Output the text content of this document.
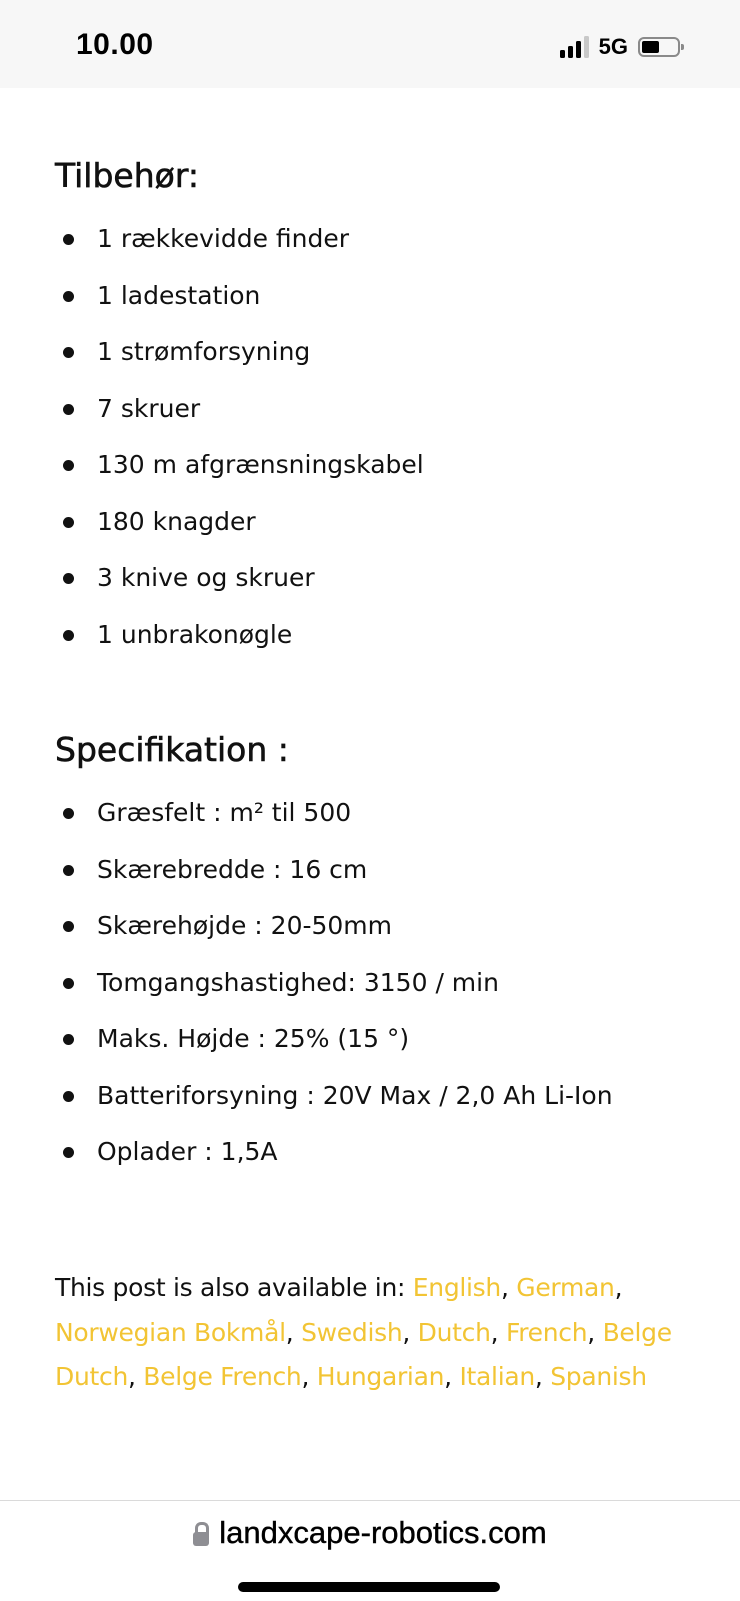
10.00	5G
Tilbehør:
1 rækkevidde finder
1 ladestation
1 strømforsyning
7 skruer
130 m afgrænsningskabel
180 knagder
3 knive og skruer
1 unbrakonøgle
Specifikation :
Græsfelt : m² til 500
Skærebredde : 16 cm
Skærehøjde : 20-50mm
Tomgangshastighed: 3150 / min
Maks. Højde : 25% (15 °)
Batteriforsyning : 20V Max / 2,0 Ah Li-Ion
Oplader : 1,5A
This post is also available in: English, German, Norwegian Bokmål, Swedish, Dutch, French, Belge Dutch, Belge French, Hungarian, Italian, Spanish
landxcape-robotics.com
